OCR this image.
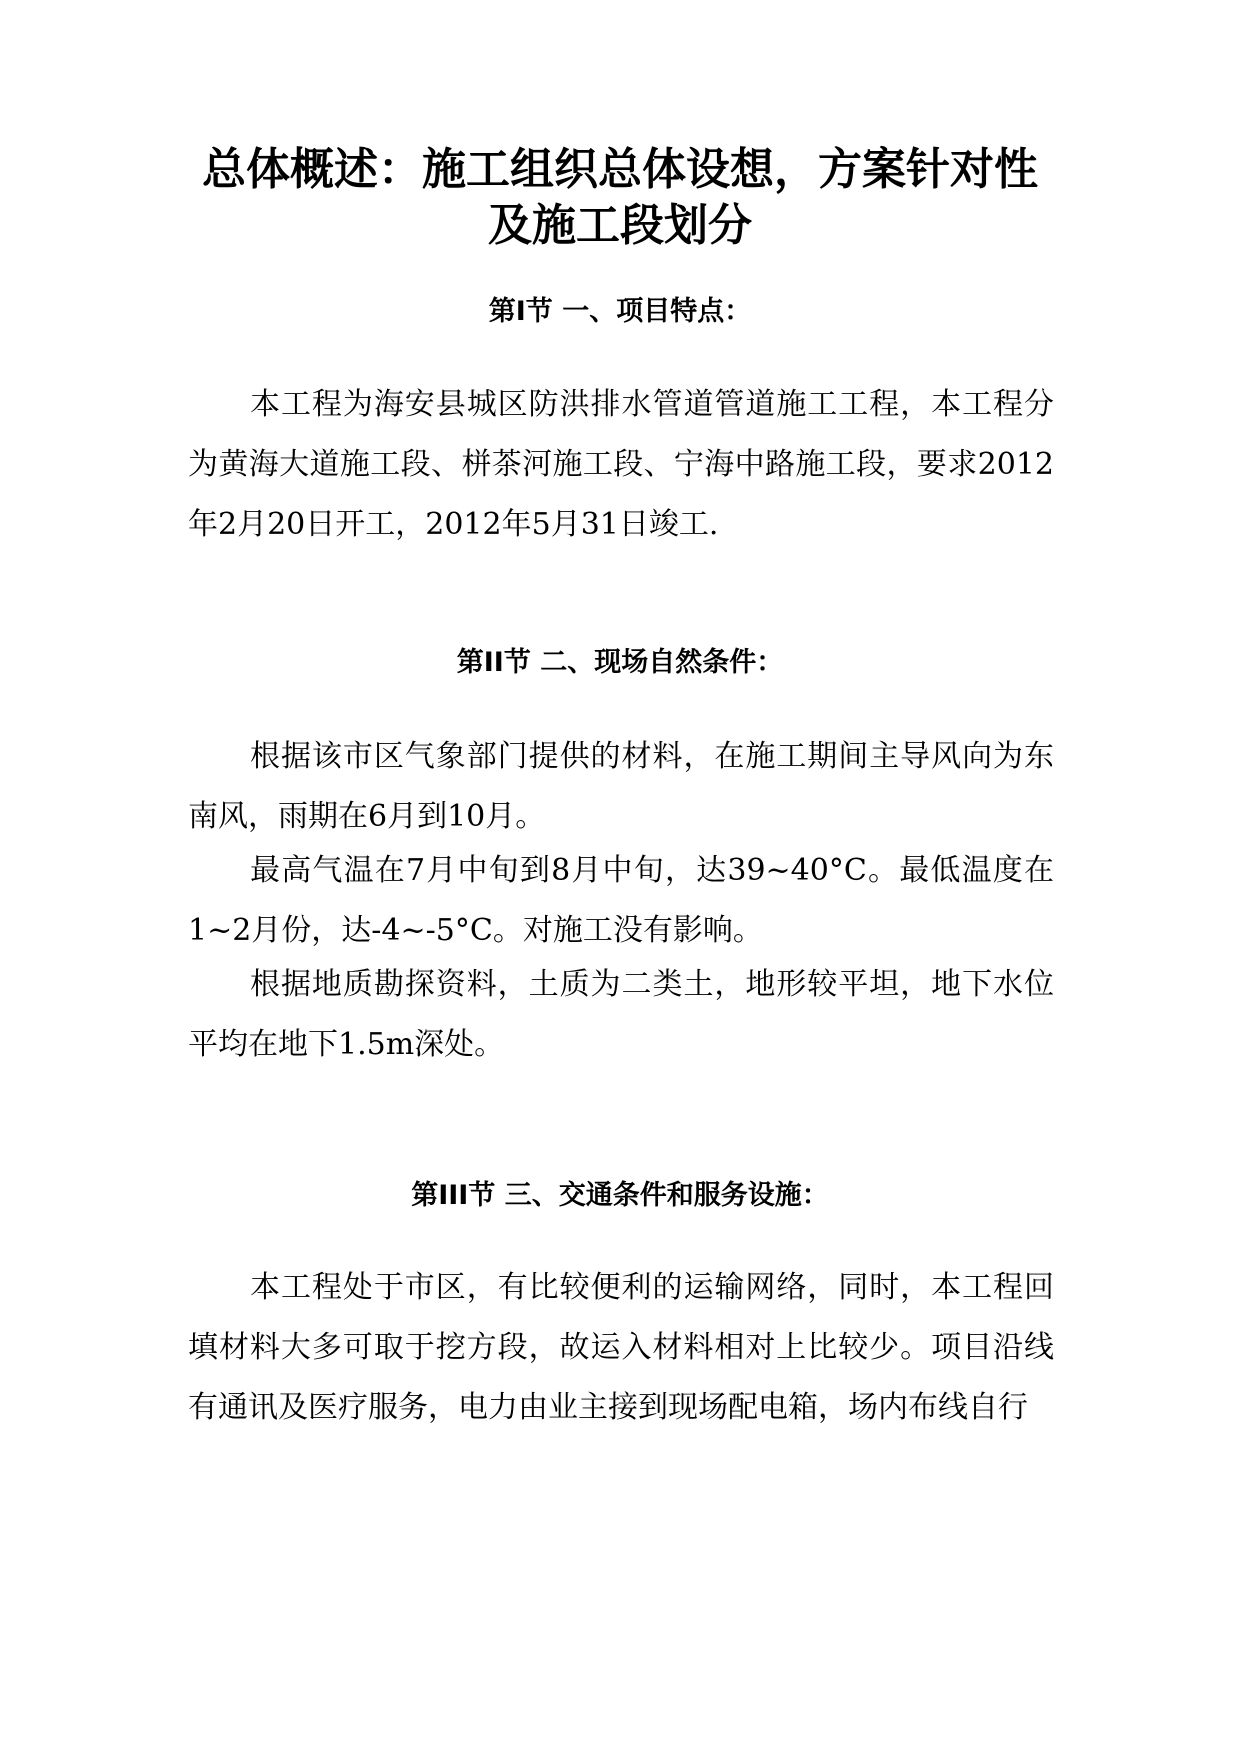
总体概述：施工组织总体设想，方案针对性
及施工段划分
第I节 一、项目特点：

本工程为海安县城区防洪排水管道管道施工工程，本工程分为黄海大道施工段、栟茶河施工段、宁海中路施工段，要求2012年2月20日开工，2012年5月31日竣工.

第II节 二、现场自然条件：

根据该市区气象部门提供的材料，在施工期间主导风向为东南风，雨期在6月到10月。

最高气温在7月中旬到8月中旬，达39~40°C。最低温度在1~2月份，达-4~-5°C。对施工没有影响。

根据地质勘探资料，土质为二类土，地形较平坦，地下水位平均在地下1.5m深处。

第III节 三、交通条件和服务设施：

本工程处于市区，有比较便利的运输网络，同时，本工程回填材料大多可取于挖方段，故运入材料相对上比较少。项目沿线有通讯及医疗服务，电力由业主接到现场配电箱，场内布线自行
